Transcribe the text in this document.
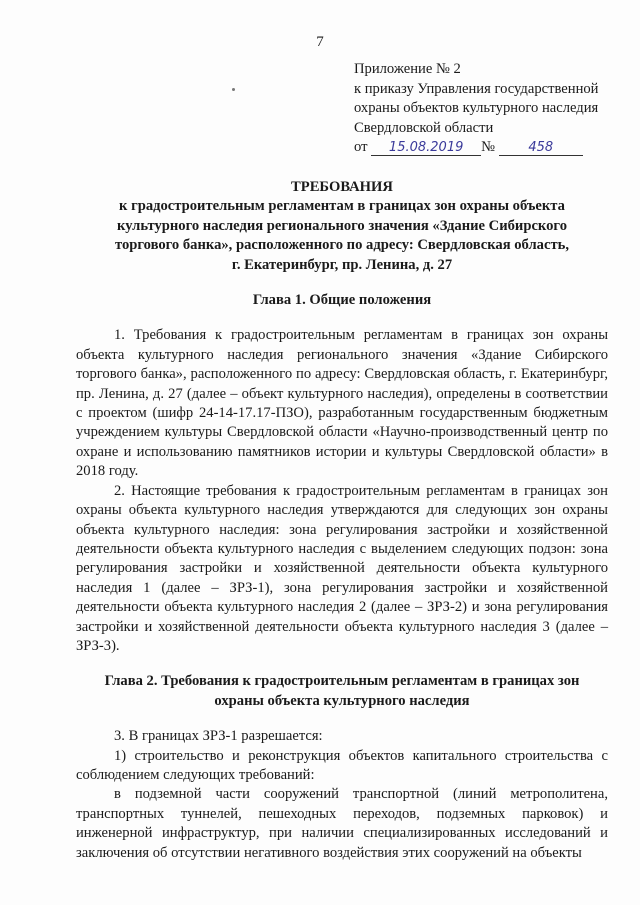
7
Приложение № 2
к приказу Управления государственной
охраны объектов культурного наследия
Свердловской области
от 15.08.2019 №	458
ТРЕБОВАНИЯ
к градостроительным регламентам в границах зон охраны объекта
культурного наследия регионального значения «Здание Сибирского
торгового банка», расположенного по адресу: Свердловская область,
г. Екатеринбург, пр. Ленина, д. 27
Глава 1. Общие положения

1. Требования к градостроительным регламентам в границах зон охраны объекта культурного наследия регионального значения «Здание Сибирского торгового банка», расположенного по адресу: Свердловская область, г. Екатеринбург, пр. Ленина, д. 27 (далее – объект культурного наследия), определены в соответствии с проектом (шифр 24-14-17.17-ПЗО), разработанным государственным бюджетным учреждением культуры Свердловской области «Научно-производственный центр по охране и использованию памятников истории и культуры Свердловской области» в 2018 году.

2. Настоящие требования к градостроительным регламентам в границах зон охраны объекта культурного наследия утверждаются для следующих зон охраны объекта культурного наследия: зона регулирования застройки и хозяйственной деятельности объекта культурного наследия с выделением следующих подзон: зона регулирования застройки и хозяйственной деятельности объекта культурного наследия 1 (далее – ЗРЗ-1), зона регулирования застройки и хозяйственной деятельности объекта культурного наследия 2 (далее – ЗРЗ-2) и зона регулирования застройки и хозяйственной деятельности объекта культурного наследия 3 (далее – ЗРЗ-3).

Глава 2. Требования к градостроительным регламентам в границах зон
охраны объекта культурного наследия

3. В границах ЗРЗ-1 разрешается:

1) строительство и реконструкция объектов капитального строительства с соблюдением следующих требований:

в подземной части сооружений транспортной (линий метрополитена, транспортных туннелей, пешеходных переходов, подземных парковок) и инженерной инфраструктур, при наличии специализированных исследований и заключения об отсутствии негативного воздействия этих сооружений на объекты
